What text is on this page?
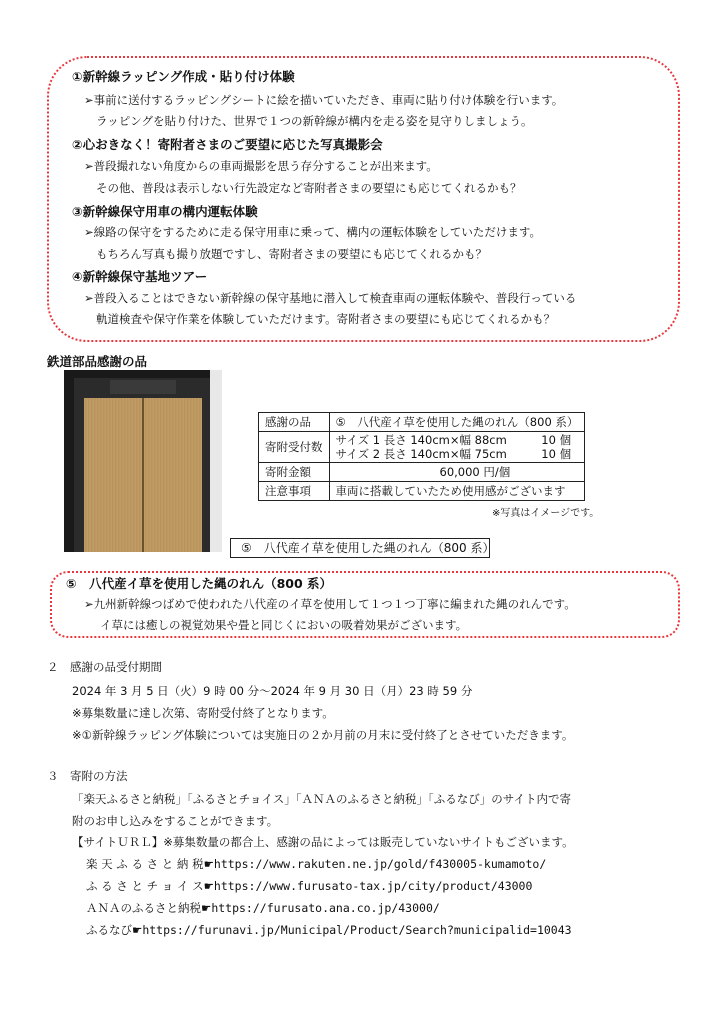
①新幹線ラッピング作成・貼り付け体験
➢事前に送付するラッピングシートに絵を描いていただき、車両に貼り付け体験を行います。
ラッピングを貼り付けた、世界で１つの新幹線が構内を走る姿を見守りしましょう。
②心おきなく！寄附者さまのご要望に応じた写真撮影会
➢普段撮れない角度からの車両撮影を思う存分することが出来ます。
その他、普段は表示しない行先設定など寄附者さまの要望にも応じてくれるかも？
③新幹線保守用車の構内運転体験
➢線路の保守をするために走る保守用車に乗って、構内の運転体験をしていただけます。
もちろん写真も撮り放題ですし、寄附者さまの要望にも応じてくれるかも？
④新幹線保守基地ツアー
➢普段入ることはできない新幹線の保守基地に潜入して検査車両の運転体験や、普段行っている
軌道検査や保守作業を体験していただけます。寄附者さまの要望にも応じてくれるかも？
鉄道部品感謝の品
感謝の品	⑤　八代産イ草を使用した縄のれん（800 系）
寄附受付数	サイズ 1 長さ 140cm×幅 88cm　　　10 個
サイズ 2 長さ 140cm×幅 75cm　　　10 個

寄附金額	60,000 円/個
注意事項	車両に搭載していたため使用感がございます
※写真はイメージです。
⑤　八代産イ草を使用した縄のれん（800 系）
⑤　八代産イ草を使用した縄のれん（800 系）
➢九州新幹線つばめで使われた八代産のイ草を使用して１つ１つ丁寧に編まれた縄のれんです。
イ草には癒しの視覚効果や畳と同じくにおいの吸着効果がございます。
２　感謝の品受付期間
2024 年 3 月 5 日（火）9 時 00 分～2024 年 9 月 30 日（月）23 時 59 分
※募集数量に達し次第、寄附受付終了となります。
※①新幹線ラッピング体験については実施日の２か月前の月末に受付終了とさせていただきます。
３　寄附の方法
「楽天ふるさと納税」「ふるさとチョイス」「ＡＮＡのふるさと納税」「ふるなび」のサイト内で寄
附のお申し込みをすることができます。
【サイトＵＲＬ】※募集数量の都合上、感謝の品によっては販売していないサイトもございます。
楽 天 ふ る さ と 納 税☛https://www.rakuten.ne.jp/gold/f430005-kumamoto/
ふ る さ と チ ョ イ ス☛https://www.furusato-tax.jp/city/product/43000
ＡＮＡのふるさと納税☛https://furusato.ana.co.jp/43000/
ふるなび☛https://furunavi.jp/Municipal/Product/Search?municipalid=10043
